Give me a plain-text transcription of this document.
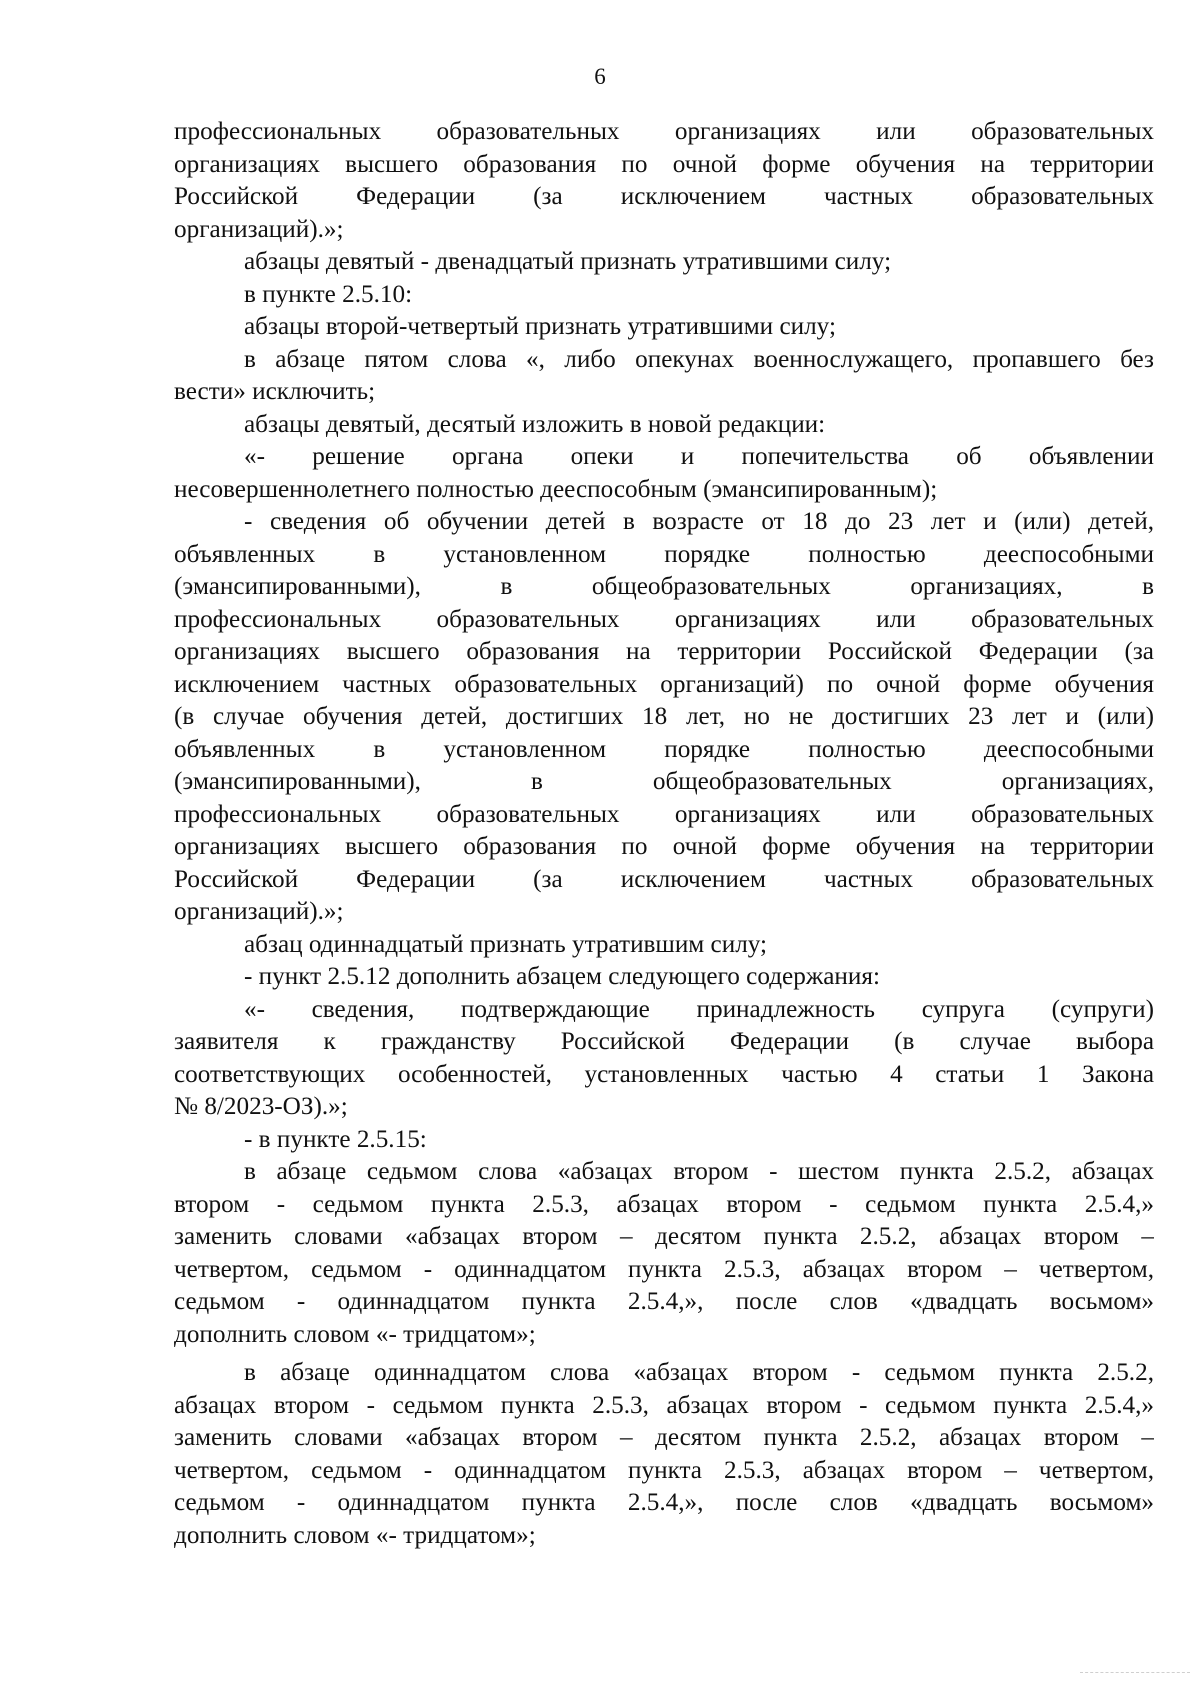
6
профессиональных образовательных организациях или образовательных
организациях высшего образования по очной форме обучения на территории
Российской Федерации (за исключением частных образовательных
организаций).»;
абзацы девятый - двенадцатый признать утратившими силу;
в пункте 2.5.10:
абзацы второй-четвертый признать утратившими силу;
в абзаце пятом слова «, либо опекунах военнослужащего, пропавшего без
вести» исключить;
абзацы девятый, десятый изложить в новой редакции:
«- решение органа опеки и попечительства об объявлении
несовершеннолетнего полностью дееспособным (эмансипированным);
- сведения об обучении детей в возрасте от 18 до 23 лет и (или) детей,
объявленных в установленном порядке полностью дееспособными
(эмансипированными), в общеобразовательных организациях, в
профессиональных образовательных организациях или образовательных
организациях высшего образования на территории Российской Федерации (за
исключением частных образовательных организаций) по очной форме обучения
(в случае обучения детей, достигших 18 лет, но не достигших 23 лет и (или)
объявленных в установленном порядке полностью дееспособными
(эмансипированными), в общеобразовательных организациях,
профессиональных образовательных организациях или образовательных
организациях высшего образования по очной форме обучения на территории
Российской Федерации (за исключением частных образовательных
организаций).»;
абзац одиннадцатый признать утратившим силу;
- пункт 2.5.12 дополнить абзацем следующего содержания:
«- сведения, подтверждающие принадлежность супруга (супруги)
заявителя к гражданству Российской Федерации (в случае выбора
соответствующих особенностей, установленных частью 4 статьи 1 Закона
№ 8/2023-ОЗ).»;
- в пункте 2.5.15:
в абзаце седьмом слова «абзацах втором - шестом пункта 2.5.2, абзацах
втором - седьмом пункта 2.5.3, абзацах втором - седьмом пункта 2.5.4,»
заменить словами «абзацах втором – десятом пункта 2.5.2, абзацах втором –
четвертом, седьмом - одиннадцатом пункта 2.5.3, абзацах втором – четвертом,
седьмом - одиннадцатом пункта 2.5.4,», после слов «двадцать восьмом»
дополнить словом «- тридцатом»;
в абзаце одиннадцатом слова «абзацах втором - седьмом пункта 2.5.2,
абзацах втором - седьмом пункта 2.5.3, абзацах втором - седьмом пункта 2.5.4,»
заменить словами «абзацах втором – десятом пункта 2.5.2, абзацах втором –
четвертом, седьмом - одиннадцатом пункта 2.5.3, абзацах втором – четвертом,
седьмом - одиннадцатом пункта 2.5.4,», после слов «двадцать восьмом»
дополнить словом «- тридцатом»;
